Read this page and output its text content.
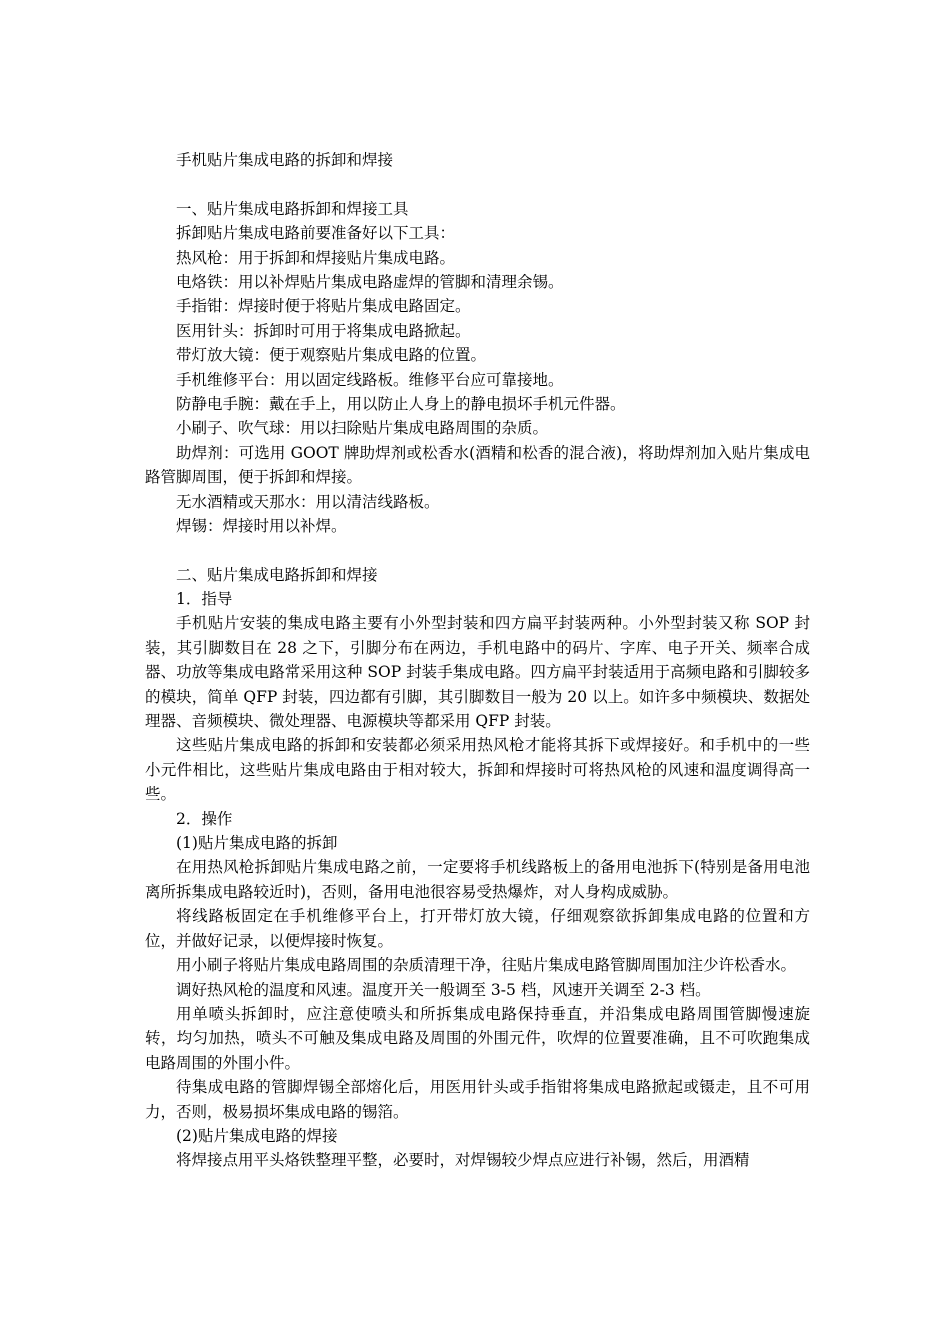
手机贴片集成电路的拆卸和焊接
一、贴片集成电路拆卸和焊接工具
拆卸贴片集成电路前要准备好以下工具：
热风枪：用于拆卸和焊接贴片集成电路。
电烙铁：用以补焊贴片集成电路虚焊的管脚和清理余锡。
手指钳：焊接时便于将贴片集成电路固定。
医用针头：拆卸时可用于将集成电路掀起。
带灯放大镜：便于观察贴片集成电路的位置。
手机维修平台：用以固定线路板。维修平台应可靠接地。
防静电手腕：戴在手上，用以防止人身上的静电损坏手机元件器。
小刷子、吹气球：用以扫除贴片集成电路周围的杂质。

助焊剂：可选用 GOOT 牌助焊剂或松香水(酒精和松香的混合液)，将助焊剂加入贴片集成电路管脚周围，便于拆卸和焊接。

无水酒精或天那水：用以清洁线路板。
焊锡：焊接时用以补焊。
二、贴片集成电路拆卸和焊接
1．指导

手机贴片安装的集成电路主要有小外型封装和四方扁平封装两种。小外型封装又称 SOP 封装，其引脚数目在 28 之下，引脚分布在两边，手机电路中的码片、字库、电子开关、频率合成器、功放等集成电路常采用这种 SOP 封装手集成电路。四方扁平封装适用于高频电路和引脚较多的模块，简单 QFP 封装，四边都有引脚，其引脚数目一般为 20 以上。如许多中频模块、数据处理器、音频模块、微处理器、电源模块等都采用 QFP 封装。

这些贴片集成电路的拆卸和安装都必须采用热风枪才能将其拆下或焊接好。和手机中的一些小元件相比，这些贴片集成电路由于相对较大，拆卸和焊接时可将热风枪的风速和温度调得高一些。

2．操作
(1)贴片集成电路的拆卸

在用热风枪拆卸贴片集成电路之前，一定要将手机线路板上的备用电池拆下(特别是备用电池离所拆集成电路较近时)，否则，备用电池很容易受热爆炸，对人身构成威胁。

将线路板固定在手机维修平台上，打开带灯放大镜，仔细观察欲拆卸集成电路的位置和方位，并做好记录，以便焊接时恢复。

用小刷子将贴片集成电路周围的杂质清理干净，往贴片集成电路管脚周围加注少许松香水。

调好热风枪的温度和风速。温度开关一般调至 3-5 档，风速开关调至 2-3 档。

用单喷头拆卸时，应注意使喷头和所拆集成电路保持垂直，并沿集成电路周围管脚慢速旋转，均匀加热，喷头不可触及集成电路及周围的外围元件，吹焊的位置要准确，且不可吹跑集成电路周围的外围小件。

待集成电路的管脚焊锡全部熔化后，用医用针头或手指钳将集成电路掀起或镊走，且不可用力，否则，极易损坏集成电路的锡箔。

(2)贴片集成电路的焊接

将焊接点用平头烙铁整理平整，必要时，对焊锡较少焊点应进行补锡，然后，用酒精
